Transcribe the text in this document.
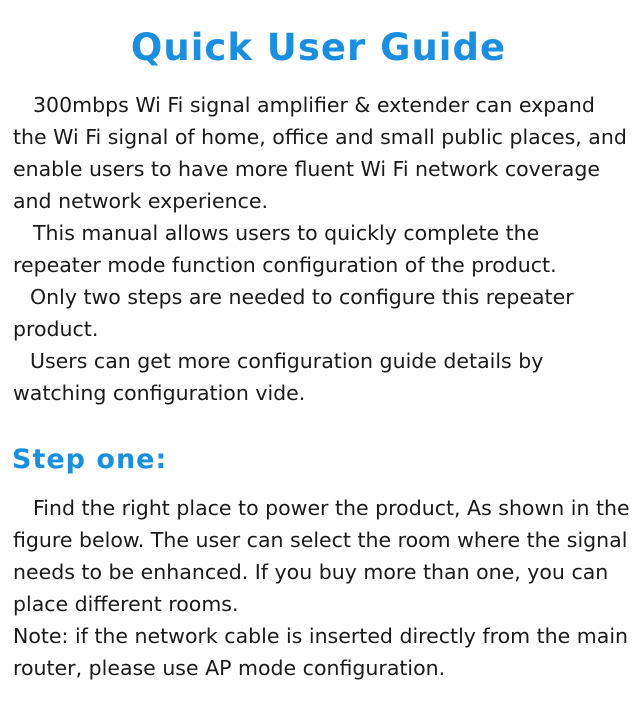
Quick User Guide

300mbps Wi Fi signal amplifier & extender can expand the Wi Fi signal of home, office and small public places, and enable users to have more fluent Wi Fi network coverage and network experience.

This manual allows users to quickly complete the repeater mode function configuration of the product.

Only two steps are needed to configure this repeater product.

Users can get more configuration guide details by watching configuration vide.

Step one:

Find the right place to power the product, As shown in the figure below. The user can select the room where the signal needs to be enhanced. If you buy more than one, you can place different rooms.

Note: if the network cable is inserted directly from the main router, please use AP mode configuration.
